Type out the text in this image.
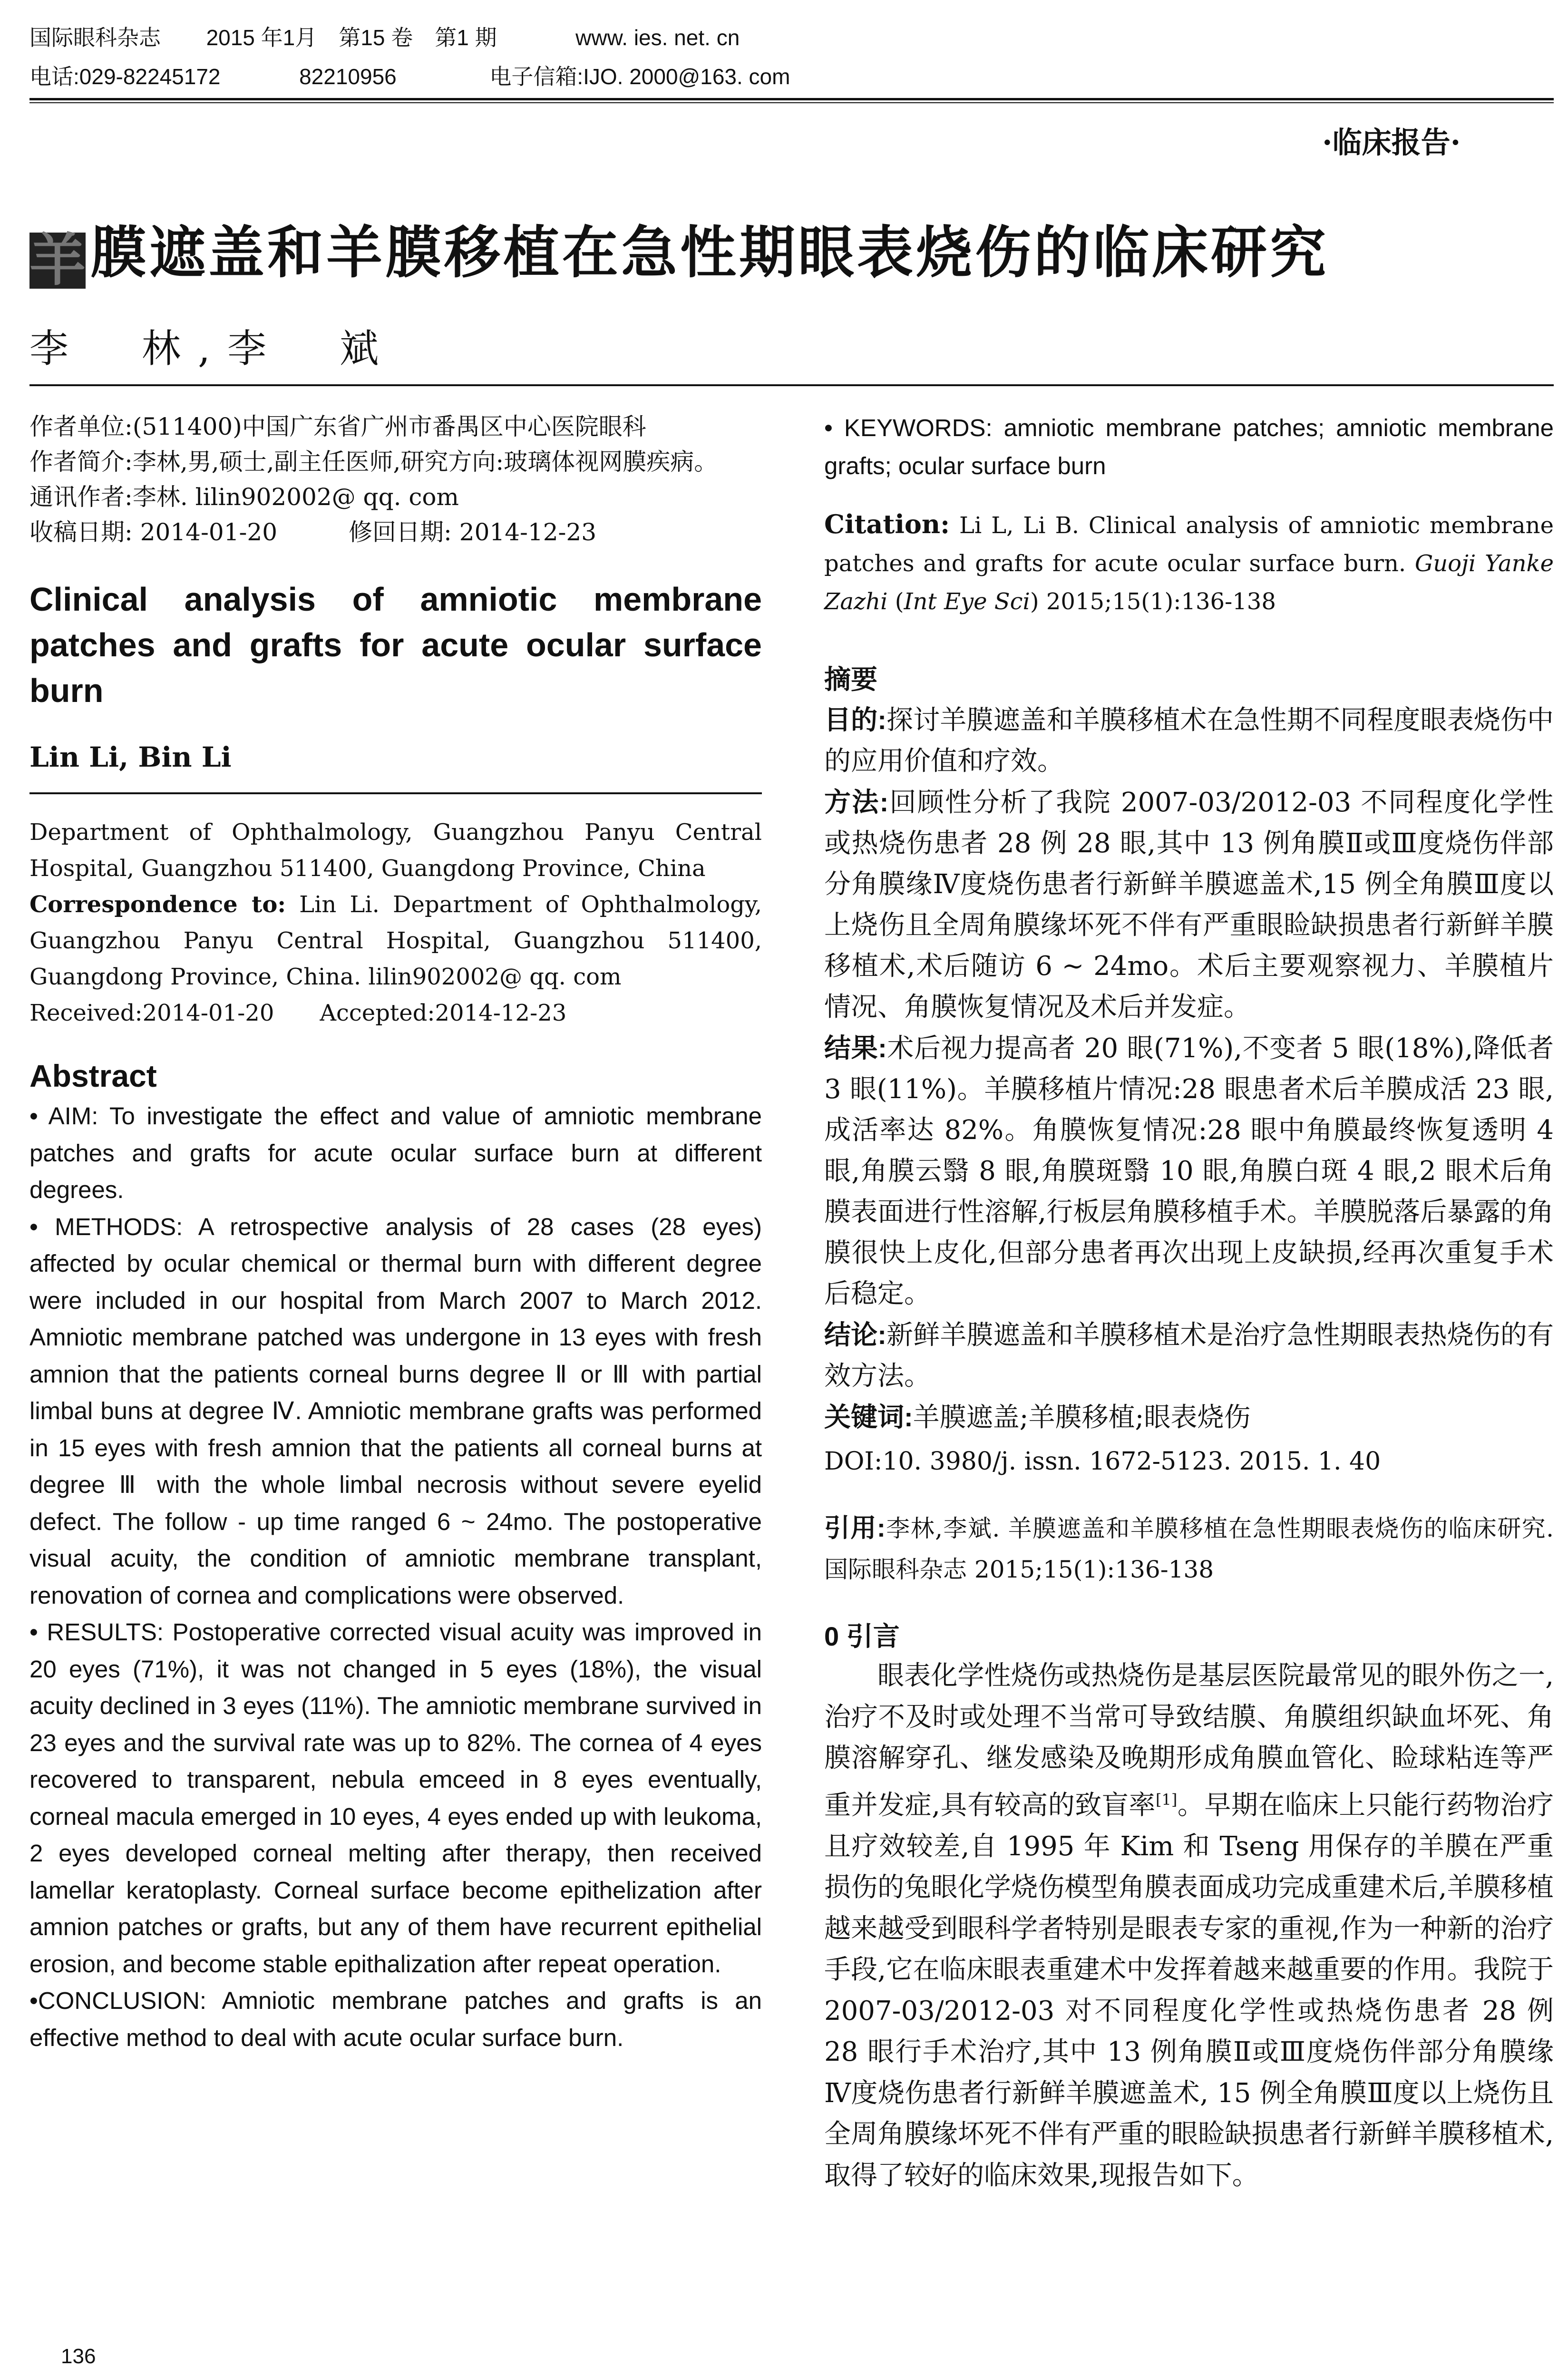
国际眼科杂志 2015 年1月　第15 卷　第1 期	www. ies. net. cn
电话:029-82245172	82210956	电子信箱:IJO. 2000@163. com
·临床报告·
羊膜遮盖和羊膜移植在急性期眼表烧伤的临床研究
李　林,李　斌
作者单位:(511400)中国广东省广州市番禺区中心医院眼科
作者简介:李林,男,硕士,副主任医师,研究方向:玻璃体视网膜疾病。
通讯作者:李林. lilin902002@ qq. com
收稿日期: 2014-01-20　　　修回日期: 2014-12-23
Clinical analysis of amniotic membrane patches and grafts for acute ocular surface burn
Lin Li, Bin Li
Department of Ophthalmology, Guangzhou Panyu Central Hospital, Guangzhou 511400, Guangdong Province, China
Correspondence to: Lin Li. Department of Ophthalmology, Guangzhou Panyu Central Hospital, Guangzhou 511400, Guangdong Province, China. lilin902002@ qq. com
Received:2014-01-20　　Accepted:2014-12-23
Abstract

• AIM: To investigate the effect and value of amniotic membrane patches and grafts for acute ocular surface burn at different degrees.

• METHODS: A retrospective analysis of 28 cases (28 eyes) affected by ocular chemical or thermal burn with different degree were included in our hospital from March 2007 to March 2012. Amniotic membrane patched was undergone in 13 eyes with fresh amnion that the patients corneal burns degree Ⅱ or Ⅲ with partial limbal buns at degree Ⅳ. Amniotic membrane grafts was performed in 15 eyes with fresh amnion that the patients all corneal burns at degree Ⅲ with the whole limbal necrosis without severe eyelid defect. The follow - up time ranged 6 ~ 24mo. The postoperative visual acuity, the condition of amniotic membrane transplant, renovation of cornea and complications were observed.

• RESULTS: Postoperative corrected visual acuity was improved in 20 eyes (71%), it was not changed in 5 eyes (18%), the visual acuity declined in 3 eyes (11%). The amniotic membrane survived in 23 eyes and the survival rate was up to 82%. The cornea of 4 eyes recovered to transparent, nebula emceed in 8 eyes eventually, corneal macula emerged in 10 eyes, 4 eyes ended up with leukoma, 2 eyes developed corneal melting after therapy, then received lamellar keratoplasty. Corneal surface become epithelization after amnion patches or grafts, but any of them have recurrent epithelial erosion, and become stable epithalization after repeat operation.

•CONCLUSION: Amniotic membrane patches and grafts is an effective method to deal with acute ocular surface burn.

• KEYWORDS: amniotic membrane patches; amniotic membrane grafts; ocular surface burn
Citation: Li L, Li B. Clinical analysis of amniotic membrane patches and grafts for acute ocular surface burn. Guoji Yanke Zazhi (Int Eye Sci) 2015;15(1):136-138
摘要

目的:探讨羊膜遮盖和羊膜移植术在急性期不同程度眼表烧伤中的应用价值和疗效。

方法:回顾性分析了我院 2007-03/2012-03 不同程度化学性或热烧伤患者 28 例 28 眼,其中 13 例角膜Ⅱ或Ⅲ度烧伤伴部分角膜缘Ⅳ度烧伤患者行新鲜羊膜遮盖术,15 例全角膜Ⅲ度以上烧伤且全周角膜缘坏死不伴有严重眼睑缺损患者行新鲜羊膜移植术,术后随访 6 ~ 24mo。术后主要观察视力、羊膜植片情况、角膜恢复情况及术后并发症。

结果:术后视力提高者 20 眼(71%),不变者 5 眼(18%),降低者 3 眼(11%)。羊膜移植片情况:28 眼患者术后羊膜成活 23 眼,成活率达 82%。角膜恢复情况:28 眼中角膜最终恢复透明 4 眼,角膜云翳 8 眼,角膜斑翳 10 眼,角膜白斑 4 眼,2 眼术后角膜表面进行性溶解,行板层角膜移植手术。羊膜脱落后暴露的角膜很快上皮化,但部分患者再次出现上皮缺损,经再次重复手术后稳定。

结论:新鲜羊膜遮盖和羊膜移植术是治疗急性期眼表热烧伤的有效方法。

关键词:羊膜遮盖;羊膜移植;眼表烧伤

DOI:10. 3980/j. issn. 1672-5123. 2015. 1. 40
引用:李林,李斌. 羊膜遮盖和羊膜移植在急性期眼表烧伤的临床研究. 国际眼科杂志 2015;15(1):136-138
0 引言

眼表化学性烧伤或热烧伤是基层医院最常见的眼外伤之一,治疗不及时或处理不当常可导致结膜、角膜组织缺血坏死、角膜溶解穿孔、继发感染及晚期形成角膜血管化、睑球粘连等严重并发症,具有较高的致盲率[1]。早期在临床上只能行药物治疗且疗效较差,自 1995 年 Kim 和 Tseng 用保存的羊膜在严重损伤的兔眼化学烧伤模型角膜表面成功完成重建术后,羊膜移植越来越受到眼科学者特别是眼表专家的重视,作为一种新的治疗手段,它在临床眼表重建术中发挥着越来越重要的作用。我院于 2007-03/2012-03 对不同程度化学性或热烧伤患者 28 例 28 眼行手术治疗,其中 13 例角膜Ⅱ或Ⅲ度烧伤伴部分角膜缘Ⅳ度烧伤患者行新鲜羊膜遮盖术, 15 例全角膜Ⅲ度以上烧伤且全周角膜缘坏死不伴有严重的眼睑缺损患者行新鲜羊膜移植术,取得了较好的临床效果,现报告如下。

136
